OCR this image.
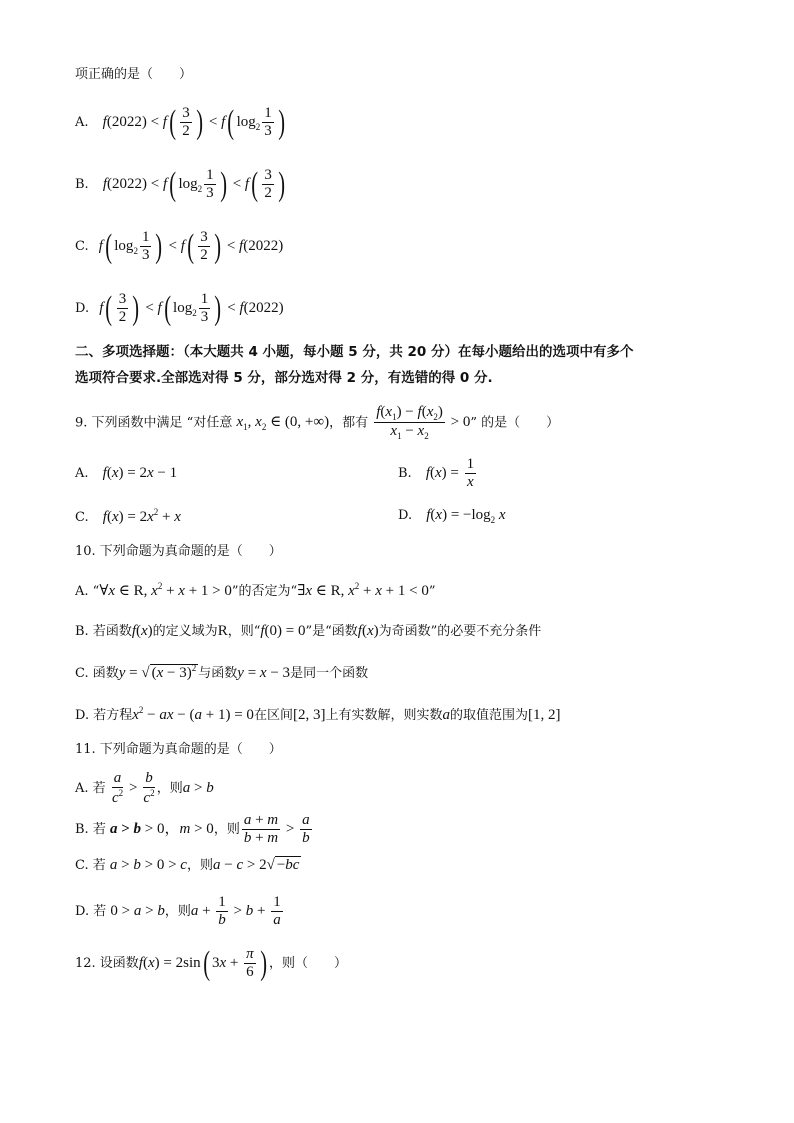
项正确的是（　　）
A. $f(2022) < f( \frac{3}{2}$ ) < f( $\log_2 \frac{1}{3}$ )
B. f(2022) < f( $\log_2 \frac{1}{3}$ ) < $f( \frac{3}{2}$ )
C. f( $\log_2 \frac{1}{3}$ ) < $f( \frac{3}{2}$ ) < f(2022)
D. $f( \frac{3}{2}$ ) < f( $\log_2 \frac{1}{3}$ ) < f(2022)
二、多项选择题：（本大题共 4 小题，每小题 5 分，共 20 分）在每小题给出的选项中有多个
选项符合要求.全部选对得 5 分，部分选对得 2 分，有选错的得 0 分.
9. 下列函数中满足 “对任意 $x_1$, $x_2$ ∈ (0, +∞)，都有 $\frac{f(x_1) - f(x_2)}{x_1 - x_2} > 0$” 的是（　　）
A. f(x) = 2x − 1	B. $f(x) = \frac{1}{x}$
C. $f(x) = 2x^2 + x$	D. $f(x) = -\log_2$ x
10. 下列命题为真命题的是（　　）
A. “∀x ∈ R, $x^2 + x + 1 > 0$”的否定为“∃x ∈ R, $x^2 + x + 1 < 0$”
B. 若函数f(x)的定义域为R，则“f(0) = 0”是“函数f(x)为奇函数”的必要不充分条件
C. 函数y = √ $(x - 3)^2$ 与函数y = x − 3是同一个函数
D. 若方程$x^2$ − ax − (a + 1) = 0在区间[2, 3]上有实数解，则实数a的取值范围为[1, 2]
11. 下列命题为真命题的是（　　）
A. 若 $\frac{a}{c^2} > \frac{b}{c^2}$ ，则a > b
B. 若 a > b > 0，m > 0，则 $\frac{a + m}{b + m} > \frac{a}{b}$
C. 若 a > b > 0 > c，则a − c > 2√ −bc
D. 若 0 > a > b，则$a + \frac{1}{b} > b + \frac{1}{a}$
12. 设函数f(x) = 2sin( $3x + \frac{\pi}{6}$ ) ，则（　　）
